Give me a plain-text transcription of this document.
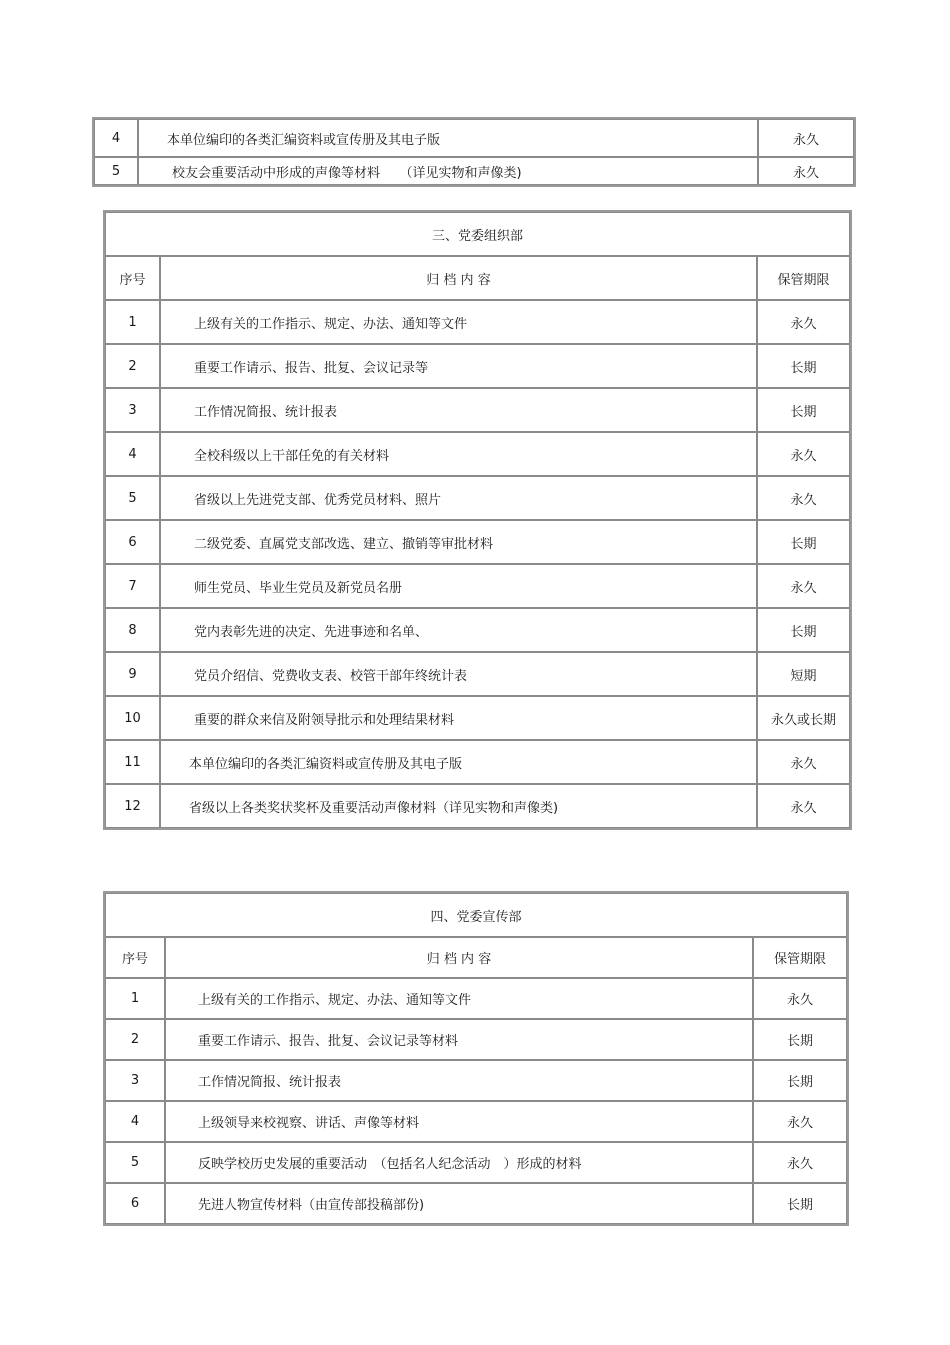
4	本单位编印的各类汇编资料或宣传册及其电子版	永久
5	校友会重要活动中形成的声像等材料　　（详见实物和声像类)	永久
三、党委组织部		
序号	归 档 内 容	保管期限
1	上级有关的工作指示、规定、办法、通知等文件	永久
2	重要工作请示、报告、批复、会议记录等	长期
3	工作情况简报、统计报表	长期
4	全校科级以上干部任免的有关材料	永久
5	省级以上先进党支部、优秀党员材料、照片	永久
6	二级党委、直属党支部改选、建立、撤销等审批材料	长期
7	师生党员、毕业生党员及新党员名册	永久
8	党内表彰先进的决定、先进事迹和名单、	长期
9	党员介绍信、党费收支表、校管干部年终统计表	短期
10	重要的群众来信及附领导批示和处理结果材料	永久或长期
11	本单位编印的各类汇编资料或宣传册及其电子版	永久
12	省级以上各类奖状奖杯及重要活动声像材料（详见实物和声像类)	永久
四、党委宣传部		
序号	归 档 内 容	保管期限
1	上级有关的工作指示、规定、办法、通知等文件	永久
2	重要工作请示、报告、批复、会议记录等材料	长期
3	工作情况简报、统计报表	长期
4	上级领导来校视察、讲话、声像等材料	永久
5	反映学校历史发展的重要活动　（包括名人纪念活动　）形成的材料	永久
6	先进人物宣传材料（由宣传部投稿部份)	长期
